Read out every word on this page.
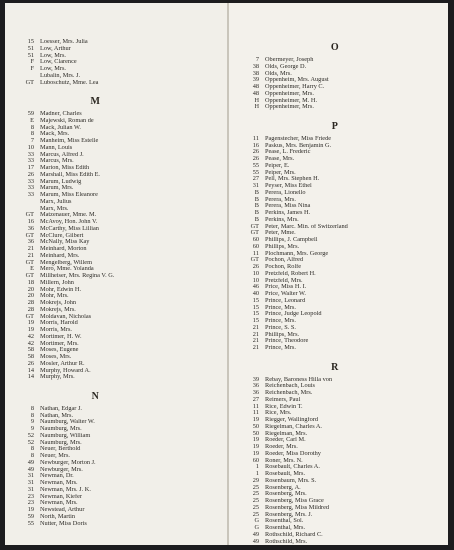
15 Loesser, Mrs. Julia
51 Low, Arthur
51 Low, Mrs.
F Low, Clarence
F Low, Mrs.
Lubalin, Mrs. J.
GT Luboschutz, Mme. Lea
M
59 Madner, Charles
E Majewski, Roman de
8 Mack, Julian W.
8 Mack, Mrs.
7 Manheim, Miss Estelle
10 Mann, Louis
33 Marcus, Alfred J.
33 Marcus, Mrs.
17 Marion, Miss Edith
26 Marshall, Miss Edith E.
33 Marum, Ludwig
33 Marum, Mrs.
33 Marum, Miss Eleanore
Marx, Julius
Marx, Mrs.
GT Matzenauer, Mme. M.
16 McAvoy, Hon. John V.
36 McCarthy, Miss Lillian
GT McClure, Gilbert
36 McNally, Miss Kay
21 Meinhard, Morton
21 Meinhard, Mrs.
GT Mengelberg, Willem
E Mero, Mme. Yolanda
GT Millheiser, Mrs. Regina V. G.
18 Millern, John
20 Mohr, Edwin H.
20 Mohr, Mrs.
28 Mokrejs, John
28 Mokrejs, Mrs.
GT Moldavan, Nicholas
19 Morris, Harold
19 Morris, Mrs.
42 Mortimer, H. W.
42 Mortimer, Mrs.
58 Moses, Eugene
58 Moses, Mrs.
26 Mosler, Arthur R.
14 Murphy, Howard A.
14 Murphy, Mrs.
N
8 Nathan, Edgar J.
8 Nathan, Mrs.
9 Naumburg, Walter W.
9 Naumburg, Mrs.
52 Naumburg, William
52 Naumburg, Mrs.
8 Neuer, Berthold
8 Neuer, Mrs.
49 Newburger, Morton J.
49 Newburger, Mrs.
31 Newman, Dr.
31 Newman, Mrs.
31 Newman, Mrs. J. K.
23 Newman, Kiefer
23 Newman, Mrs.
19 Newstead, Arthur
59 North, Martin
55 Nutter, Miss Doris
O
7 Obermeyer, Joseph
38 Olds, George D.
38 Olds, Mrs.
39 Oppenheim, Mrs. August
48 Oppenheimer, Harry C.
48 Oppenheimer, Mrs.
H Oppenheimer, M. H.
H Oppenheimer, Mrs.
P
11 Pagenstecher, Miss Friede
16 Paskus, Mrs. Benjamin G.
26 Pease, L. Frederic
26 Pease, Mrs.
55 Peiper, E.
55 Peiper, Mrs.
27 Pell, Mrs. Stephen H.
31 Peyser, Miss Ethel
B Perera, Lionello
B Perera, Mrs.
B Perera, Miss Nina
B Perkins, James H.
B Perkins, Mrs.
GT Peter, Marc. Min. of Switzerland
GT Peter, Mme.
60 Phillips, J. Campbell
60 Phillips, Mrs.
11 Plochmann, Mrs. George
GT Pochon, Alfred
26 Pochon, Rolfe
10 Pretzfeld, Robert H.
10 Pretzfeld, Mrs.
46 Price, Miss H. I.
40 Price, Walter W.
15 Prince, Leonard
15 Prince, Mrs.
15 Prince, Judge Leopold
15 Prince, Mrs.
21 Prince, S. S.
21 Phillips, Mrs.
21 Prince, Theodore
21 Prince, Mrs.
R
39 Rebay, Baroness Hilla von
36 Reichenbach, Louis
36 Reichenbach, Mrs.
27 Reimers, Paul
11 Rice, Edwin T.
11 Rice, Mrs.
19 Riegger, Wallingford
50 Riegelman, Charles A.
50 Riegelman, Mrs.
19 Roeder, Carl M.
19 Roeder, Mrs.
19 Roeder, Miss Dorothy
60 Roner, Mrs. N.
1 Rosebault, Charles A.
1 Rosebault, Mrs.
29 Rosenbaum, Mrs. S.
25 Rosenberg, A.
25 Rosenberg, Mrs.
25 Rosenberg, Miss Grace
25 Rosenberg, Miss Mildred
25 Rosenberg, Mrs. J.
G Rosenthal, Sol.
G Rosenthal, Mrs.
49 Rothschild, Richard C.
49 Rothschild, Mrs.
